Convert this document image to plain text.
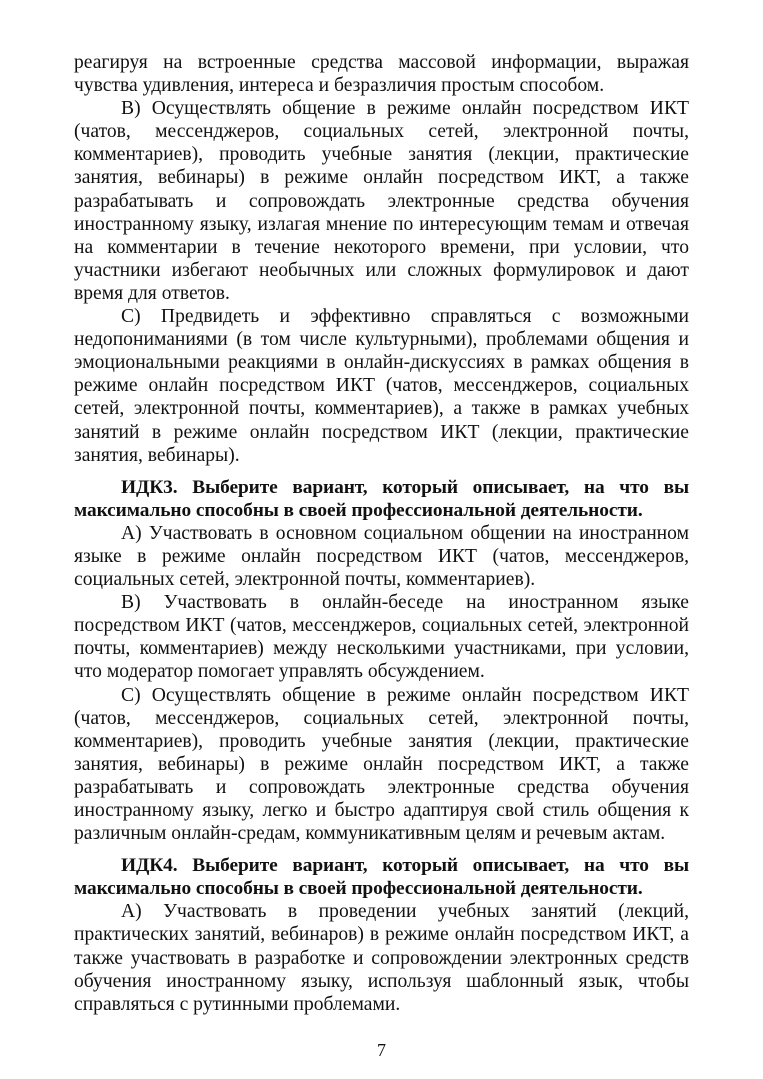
реагируя на встроенные средства массовой информации, выражая чувства удивления, интереса и безразличия простым способом.

В) Осуществлять общение в режиме онлайн посредством ИКТ (чатов, мессенджеров, социальных сетей, электронной почты, комментариев), проводить учебные занятия (лекции, практические занятия, вебинары) в режиме онлайн посредством ИКТ, а также разрабатывать и сопровождать электронные средства обучения иностранному языку, излагая мнение по интересующим темам и отвечая на комментарии в течение некоторого времени, при условии, что участники избегают необычных или сложных формулировок и дают время для ответов.

С) Предвидеть и эффективно справляться с возможными недопониманиями (в том числе культурными), проблемами общения и эмоциональными реакциями в онлайн-дискуссиях в рамках общения в режиме онлайн посредством ИКТ (чатов, мессенджеров, социальных сетей, электронной почты, комментариев), а также в рамках учебных занятий в режиме онлайн посредством ИКТ (лекции, практические занятия, вебинары).

ИДК3. Выберите вариант, который описывает, на что вы максимально способны в своей профессиональной деятельности.

А) Участвовать в основном социальном общении на иностранном языке в режиме онлайн посредством ИКТ (чатов, мессенджеров, социальных сетей, электронной почты, комментариев).

В) Участвовать в онлайн-беседе на иностранном языке посредством ИКТ (чатов, мессенджеров, социальных сетей, электронной почты, комментариев) между несколькими участниками, при условии, что модератор помогает управлять обсуждением.

С) Осуществлять общение в режиме онлайн посредством ИКТ (чатов, мессенджеров, социальных сетей, электронной почты, комментариев), проводить учебные занятия (лекции, практические занятия, вебинары) в режиме онлайн посредством ИКТ, а также разрабатывать и сопровождать электронные средства обучения иностранному языку, легко и быстро адаптируя свой стиль общения к различным онлайн-средам, коммуникативным целям и речевым актам.

ИДК4. Выберите вариант, который описывает, на что вы максимально способны в своей профессиональной деятельности.

А) Участвовать в проведении учебных занятий (лекций, практических занятий, вебинаров) в режиме онлайн посредством ИКТ, а также участвовать в разработке и сопровождении электронных средств обучения иностранному языку, используя шаблонный язык, чтобы справляться с рутинными проблемами.

7
